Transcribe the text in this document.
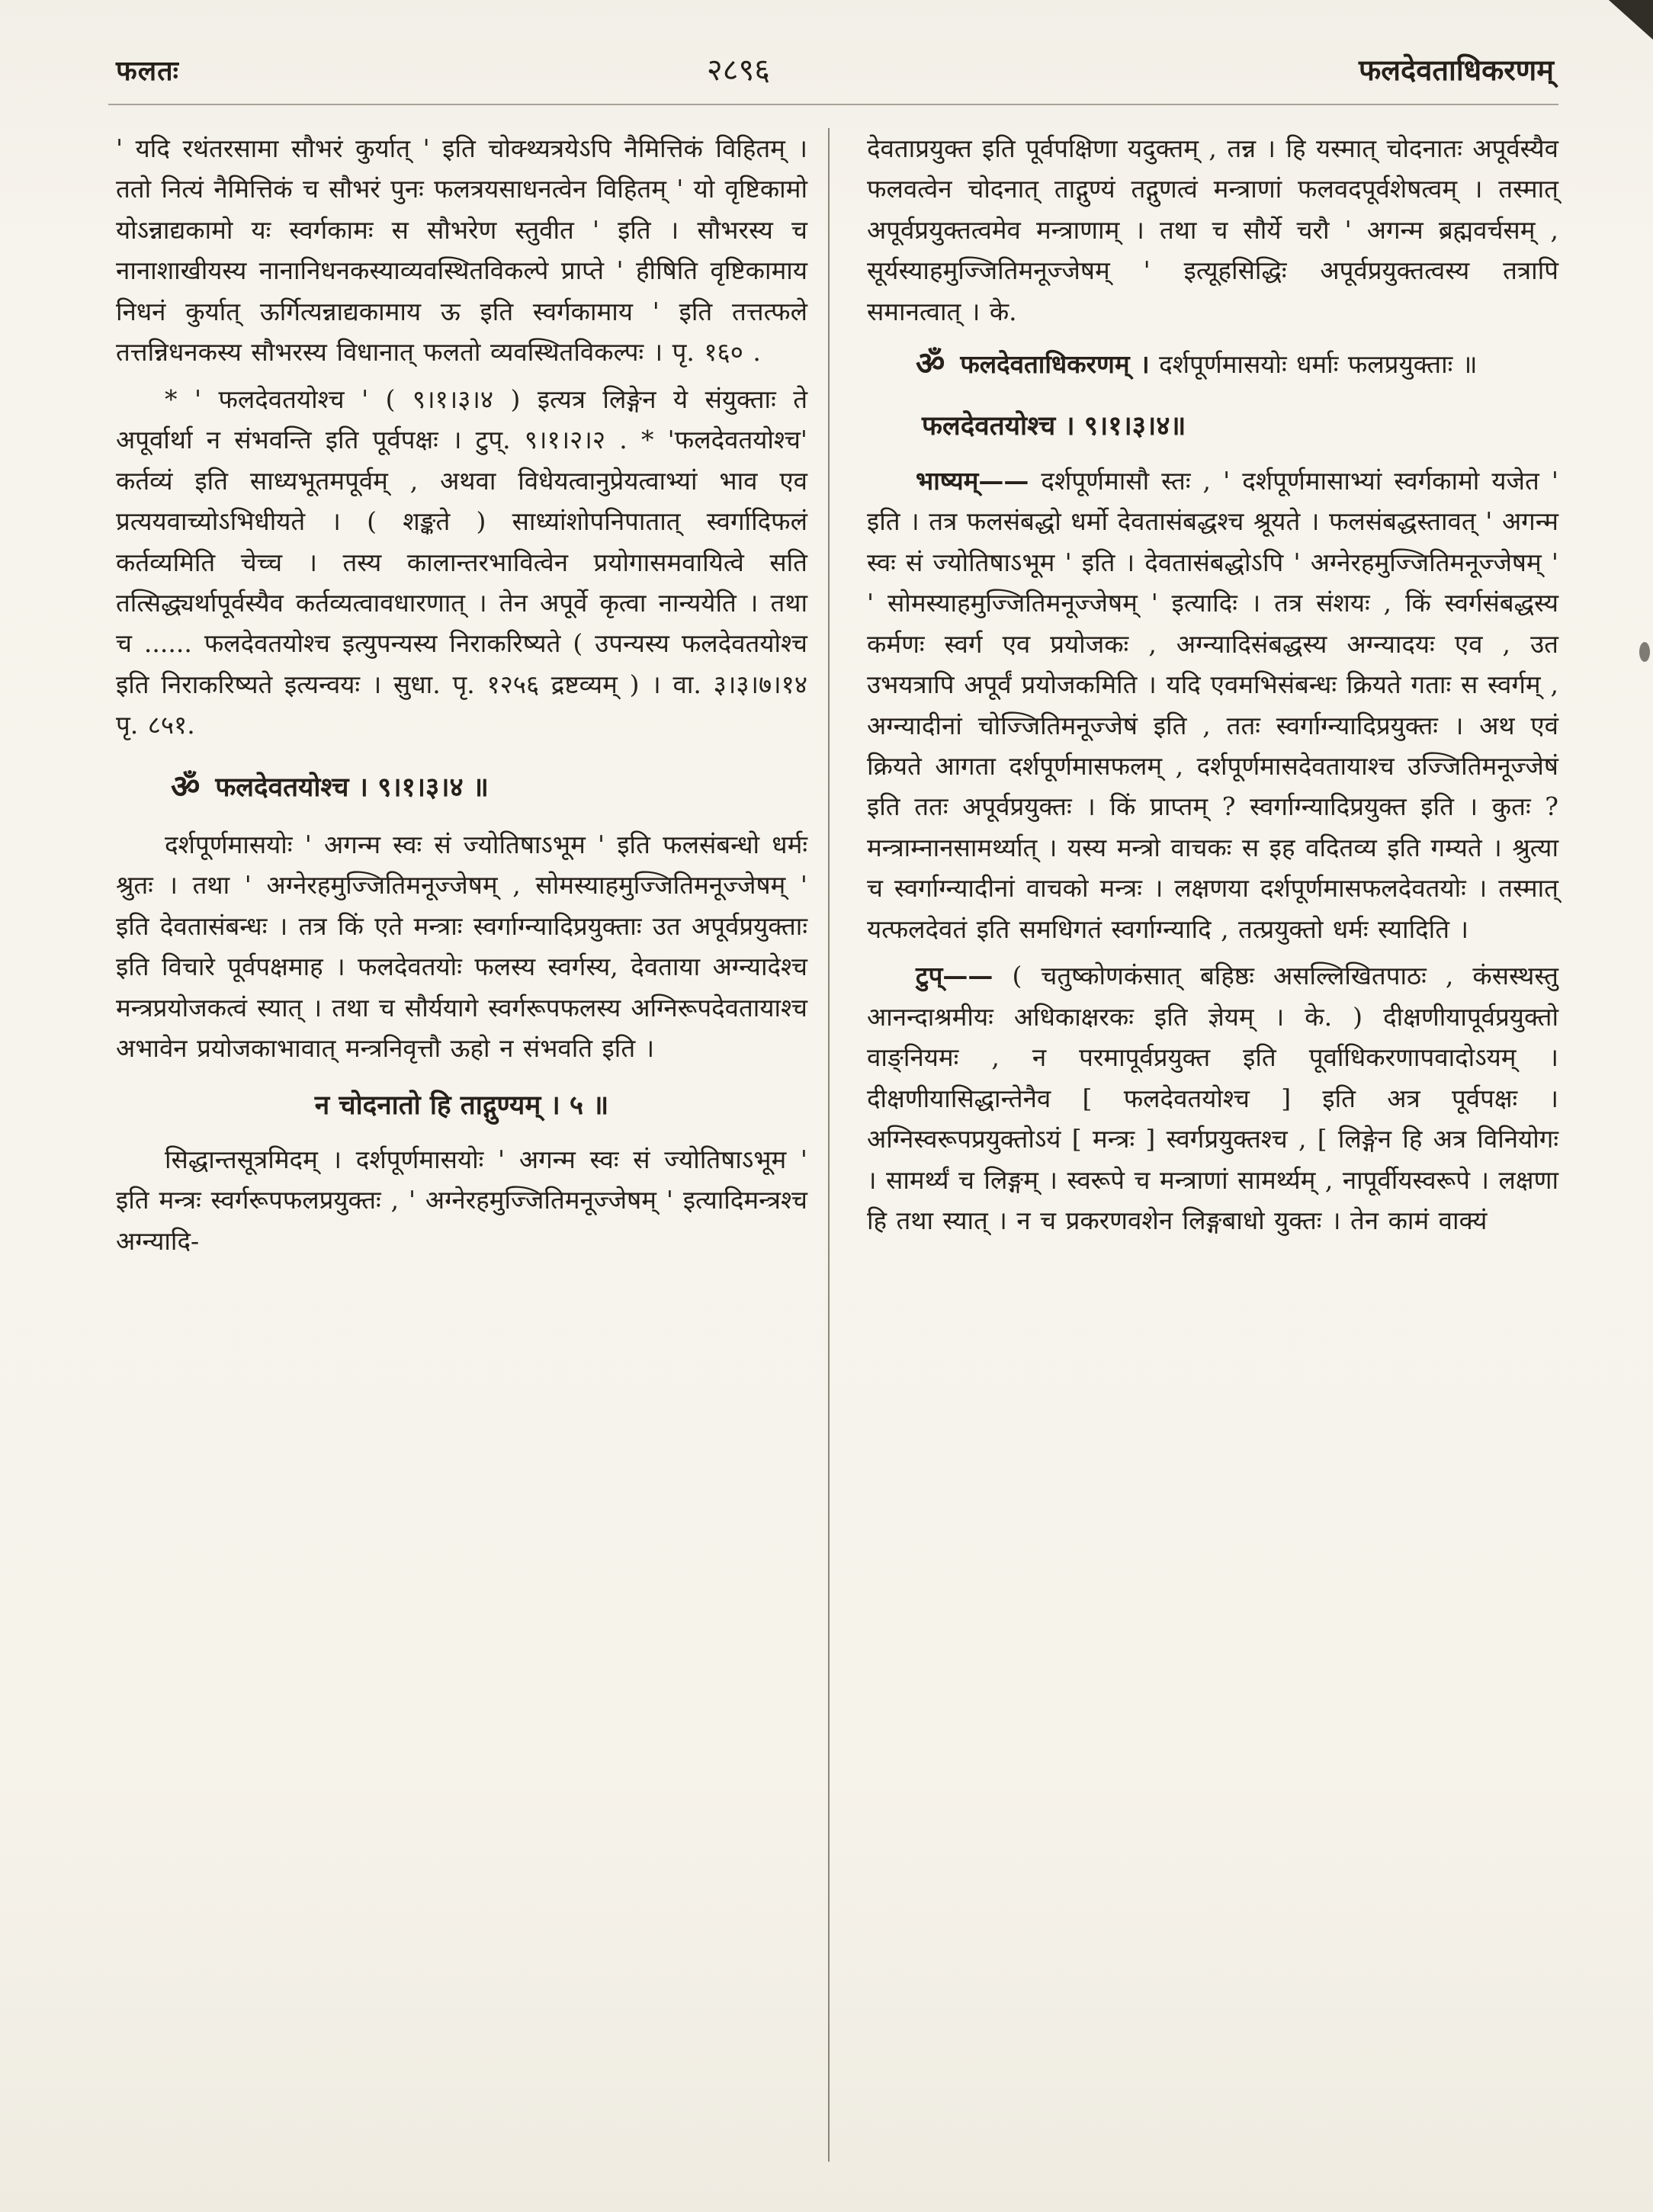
फलतः	२८९६	फलदेवताधिकरणम्

' यदि रथंतरसामा सौभरं कुर्यात् ' इति चोक्थ्यत्रयेऽपि नैमित्तिकं विहितम् । ततो नित्यं नैमित्तिकं च सौभरं पुनः फलत्रयसाधनत्वेन विहितम् ' यो वृष्टिकामो योऽन्नाद्यकामो यः स्वर्गकामः स सौभरेण स्तुवीत ' इति । सौभरस्य च नानाशाखीयस्य नानानिधनकस्याव्यवस्थितविकल्पे प्राप्ते ' हीषिति वृष्टिकामाय निधनं कुर्यात् ऊर्गित्यन्नाद्यकामाय ऊ इति स्वर्गकामाय ' इति तत्तत्फले तत्तन्निधनकस्य सौभरस्य विधानात् फलतो व्यवस्थितविकल्पः । पृ. १६० .

* ' फलदेवतयोश्च ' ( ९।१।३।४ ) इत्यत्र लिङ्गेन ये संयुक्ताः ते अपूर्वार्था न संभवन्ति इति पूर्वपक्षः । टुप्. ९।१।२।२ . * 'फलदेवतयोश्च' कर्तव्यं इति साध्यभूतमपूर्वम् , अथवा विधेयत्वानुप्रेयत्वाभ्यां भाव एव प्रत्ययवाच्योऽभिधीयते । ( शङ्कते ) साध्यांशोपनिपातात् स्वर्गादिफलं कर्तव्यमिति चेच्च । तस्य कालान्तरभावित्वेन प्रयोगासमवायित्वे सति तत्सिद्ध्यर्थापूर्वस्यैव कर्तव्यत्वावधारणात् । तेन अपूर्वे कृत्वा नान्ययेति । तथा च ...... फलदेवतयोश्च इत्युपन्यस्य निराकरिष्यते ( उपन्यस्य फलदेवतयोश्च इति निराकरिष्यते इत्यन्वयः । सुधा. पृ. १२५६ द्रष्टव्यम् ) । वा. ३।३।७।१४ पृ. ८५१.

ॐ फलदेवतयोश्च । ९।१।३।४ ॥

दर्शपूर्णमासयोः ' अगन्म स्वः सं ज्योतिषाऽभूम ' इति फलसंबन्धो धर्मः श्रुतः । तथा ' अग्नेरहमुज्जितिमनूज्जेषम् , सोमस्याहमुज्जितिमनूज्जेषम् ' इति देवतासंबन्धः । तत्र किं एते मन्त्राः स्वर्गाग्न्यादिप्रयुक्ताः उत अपूर्वप्रयुक्ताः इति विचारे पूर्वपक्षमाह । फलदेवतयोः फलस्य स्वर्गस्य, देवताया अग्न्यादेश्च मन्त्रप्रयोजकत्वं स्यात् । तथा च सौर्ययागे स्वर्गरूपफलस्य अग्निरूपदेवतायाश्च अभावेन प्रयोजकाभावात् मन्त्रनिवृत्तौ ऊहो न संभवति इति ।

न चोदनातो हि ताद्गुण्यम् । ५ ॥

सिद्धान्तसूत्रमिदम् । दर्शपूर्णमासयोः ' अगन्म स्वः सं ज्योतिषाऽभूम ' इति मन्त्रः स्वर्गरूपफलप्रयुक्तः , ' अग्नेरहमुज्जितिमनूज्जेषम् ' इत्यादिमन्त्रश्च अग्न्यादि-

देवताप्रयुक्त इति पूर्वपक्षिणा यदुक्तम् , तन्न । हि यस्मात् चोदनातः अपूर्वस्यैव फलवत्वेन चोदनात् ताद्गुण्यं तद्गुणत्वं मन्त्राणां फलवदपूर्वशेषत्वम् । तस्मात् अपूर्वप्रयुक्तत्वमेव मन्त्राणाम् । तथा च सौर्ये चरौ ' अगन्म ब्रह्मवर्चसम् , सूर्यस्याहमुज्जितिमनूज्जेषम् ' इत्यूहसिद्धिः अपूर्वप्रयुक्तत्वस्य तत्रापि समानत्वात् । के.

ॐ फलदेवताधिकरणम् । दर्शपूर्णमासयोः धर्माः फलप्रयुक्ताः ॥

फलदेवतयोश्च । ९।१।३।४॥

भाष्यम्—— दर्शपूर्णमासौ स्तः , ' दर्शपूर्णमासाभ्यां स्वर्गकामो यजेत ' इति । तत्र फलसंबद्धो धर्मो देवतासंबद्धश्च श्रूयते । फलसंबद्धस्तावत् ' अगन्म स्वः सं ज्योतिषाऽभूम ' इति । देवतासंबद्धोऽपि ' अग्नेरहमुज्जितिमनूज्जेषम् ' ' सोमस्याहमुज्जितिमनूज्जेषम् ' इत्यादिः । तत्र संशयः , किं स्वर्गसंबद्धस्य कर्मणः स्वर्ग एव प्रयोजकः , अग्न्यादिसंबद्धस्य अग्न्यादयः एव , उत उभयत्रापि अपूर्वं प्रयोजकमिति । यदि एवमभिसंबन्धः क्रियते गताः स स्वर्गम् , अग्न्यादीनां चोज्जितिमनूज्जेषं इति , ततः स्वर्गाग्न्यादिप्रयुक्तः । अथ एवं क्रियते आगता दर्शपूर्णमासफलम् , दर्शपूर्णमासदेवतायाश्च उज्जितिमनूज्जेषं इति ततः अपूर्वप्रयुक्तः । किं प्राप्तम् ? स्वर्गाग्न्यादिप्रयुक्त इति । कुतः ? मन्त्राम्नानसामर्थ्यात् । यस्य मन्त्रो वाचकः स इह वदितव्य इति गम्यते । श्रुत्या च स्वर्गाग्न्यादीनां वाचको मन्त्रः । लक्षणया दर्शपूर्णमासफलदेवतयोः । तस्मात् यत्फलदेवतं इति समधिगतं स्वर्गाग्न्यादि , तत्प्रयुक्तो धर्मः स्यादिति ।

टुप्—— ( चतुष्कोणकंसात् बहिष्ठः असल्लिखितपाठः , कंसस्थस्तु आनन्दाश्रमीयः अधिकाक्षरकः इति ज्ञेयम् । के. ) दीक्षणीयापूर्वप्रयुक्तो वाङ्नियमः , न परमापूर्वप्रयुक्त इति पूर्वाधिकरणापवादोऽयम् । दीक्षणीयासिद्धान्तेनैव [ फलदेवतयोश्च ] इति अत्र पूर्वपक्षः । अग्निस्वरूपप्रयुक्तोऽयं [ मन्त्रः ] स्वर्गप्रयुक्तश्च , [ लिङ्गेन हि अत्र विनियोगः । सामर्थ्यं च लिङ्गम् । स्वरूपे च मन्त्राणां सामर्थ्यम् , नापूर्वीयस्वरूपे । लक्षणा हि तथा स्यात् । न च प्रकरणवशेन लिङ्गबाधो युक्तः । तेन कामं वाक्यं
